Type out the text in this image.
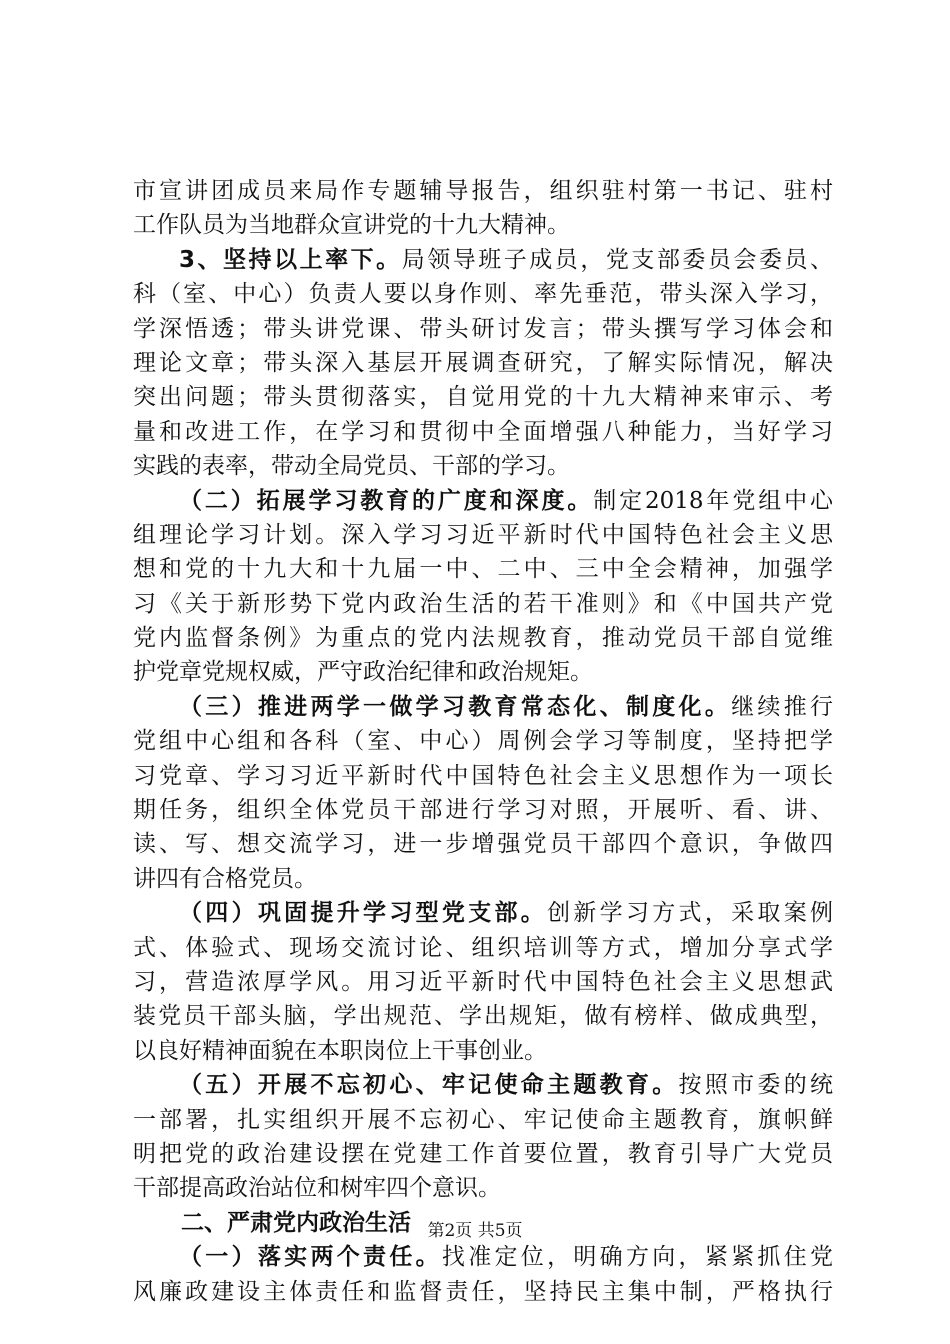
市宣讲团成员来局作专题辅导报告，组织驻村第一书记、驻村
工作队员为当地群众宣讲党的十九大精神。
3、坚持以上率下。局领导班子成员，党支部委员会委员、
科（室、中心）负责人要以身作则、率先垂范，带头深入学习，
学深悟透；带头讲党课、带头研讨发言；带头撰写学习体会和
理论文章；带头深入基层开展调查研究，了解实际情况，解决
突出问题；带头贯彻落实，自觉用党的十九大精神来审示、考
量和改进工作，在学习和贯彻中全面增强八种能力，当好学习
实践的表率，带动全局党员、干部的学习。
（二）拓展学习教育的广度和深度。制定2018年党组中心
组理论学习计划。深入学习习近平新时代中国特色社会主义思
想和党的十九大和十九届一中、二中、三中全会精神，加强学
习《关于新形势下党内政治生活的若干准则》和《中国共产党
党内监督条例》为重点的党内法规教育，推动党员干部自觉维
护党章党规权威，严守政治纪律和政治规矩。
（三）推进两学一做学习教育常态化、制度化。继续推行
党组中心组和各科（室、中心）周例会学习等制度，坚持把学
习党章、学习习近平新时代中国特色社会主义思想作为一项长
期任务，组织全体党员干部进行学习对照，开展听、看、讲、
读、写、想交流学习，进一步增强党员干部四个意识，争做四
讲四有合格党员。
（四）巩固提升学习型党支部。创新学习方式，采取案例
式、体验式、现场交流讨论、组织培训等方式，增加分享式学
习，营造浓厚学风。用习近平新时代中国特色社会主义思想武
装党员干部头脑，学出规范、学出规矩，做有榜样、做成典型，
以良好精神面貌在本职岗位上干事创业。
（五）开展不忘初心、牢记使命主题教育。按照市委的统
一部署，扎实组织开展不忘初心、牢记使命主题教育，旗帜鲜
明把党的政治建设摆在党建工作首要位置，教育引导广大党员
干部提高政治站位和树牢四个意识。
二、严肃党内政治生活
（一）落实两个责任。找准定位，明确方向，紧紧抓住党
风廉政建设主体责任和监督责任，坚持民主集中制，严格执行
第2页 共5页
